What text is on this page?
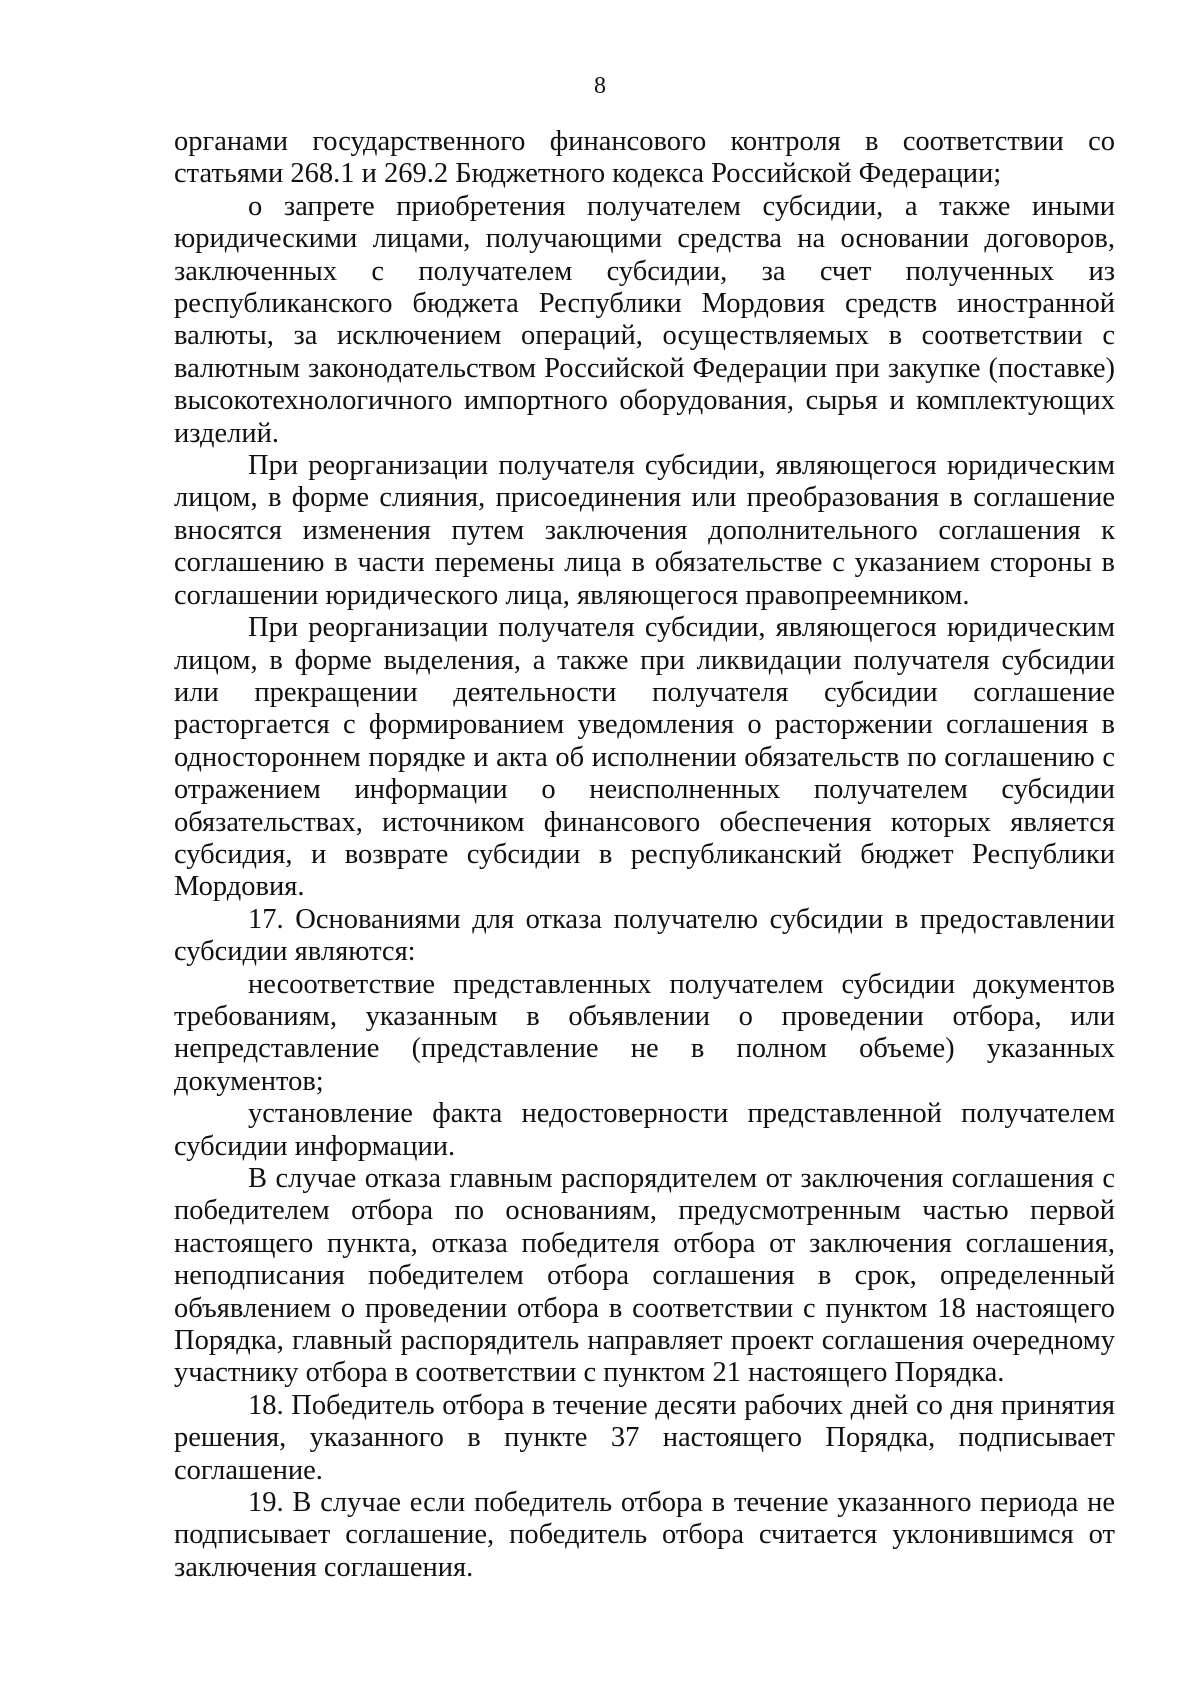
8

органами государственного финансового контроля в соответствии со статьями 268.1 и 269.2 Бюджетного кодекса Российской Федерации;

о запрете приобретения получателем субсидии, а также иными юридическими лицами, получающими средства на основании договоров, заключенных с получателем субсидии, за счет полученных из республиканского бюджета Республики Мордовия средств иностранной валюты, за исключением операций, осуществляемых в соответствии с валютным законодательством Российской Федерации при закупке (поставке) высокотехнологичного импортного оборудования, сырья и комплектующих изделий.

При реорганизации получателя субсидии, являющегося юридическим лицом, в форме слияния, присоединения или преобразования в соглашение вносятся изменения путем заключения дополнительного соглашения к соглашению в части перемены лица в обязательстве с указанием стороны в соглашении юридического лица, являющегося правопреемником.

При реорганизации получателя субсидии, являющегося юридическим лицом, в форме выделения, а также при ликвидации получателя субсидии или прекращении деятельности получателя субсидии соглашение расторгается с формированием уведомления о расторжении соглашения в одностороннем порядке и акта об исполнении обязательств по соглашению с отражением информации о неисполненных получателем субсидии обязательствах, источником финансового обеспечения которых является субсидия, и возврате субсидии в республиканский бюджет Республики Мордовия.

17. Основаниями для отказа получателю субсидии в предоставлении субсидии являются:

несоответствие представленных получателем субсидии документов требованиям, указанным в объявлении о проведении отбора, или непредставление (представление не в полном объеме) указанных документов;

установление факта недостоверности представленной получателем субсидии информации.

В случае отказа главным распорядителем от заключения соглашения с победителем отбора по основаниям, предусмотренным частью первой настоящего пункта, отказа победителя отбора от заключения соглашения, неподписания победителем отбора соглашения в срок, определенный объявлением о проведении отбора в соответствии с пунктом 18 настоящего Порядка, главный распорядитель направляет проект соглашения очередному участнику отбора в соответствии с пунктом 21 настоящего Порядка.

18. Победитель отбора в течение десяти рабочих дней со дня принятия решения, указанного в пункте 37 настоящего Порядка, подписывает соглашение.

19. В случае если победитель отбора в течение указанного периода не подписывает соглашение, победитель отбора считается уклонившимся от заключения соглашения.
